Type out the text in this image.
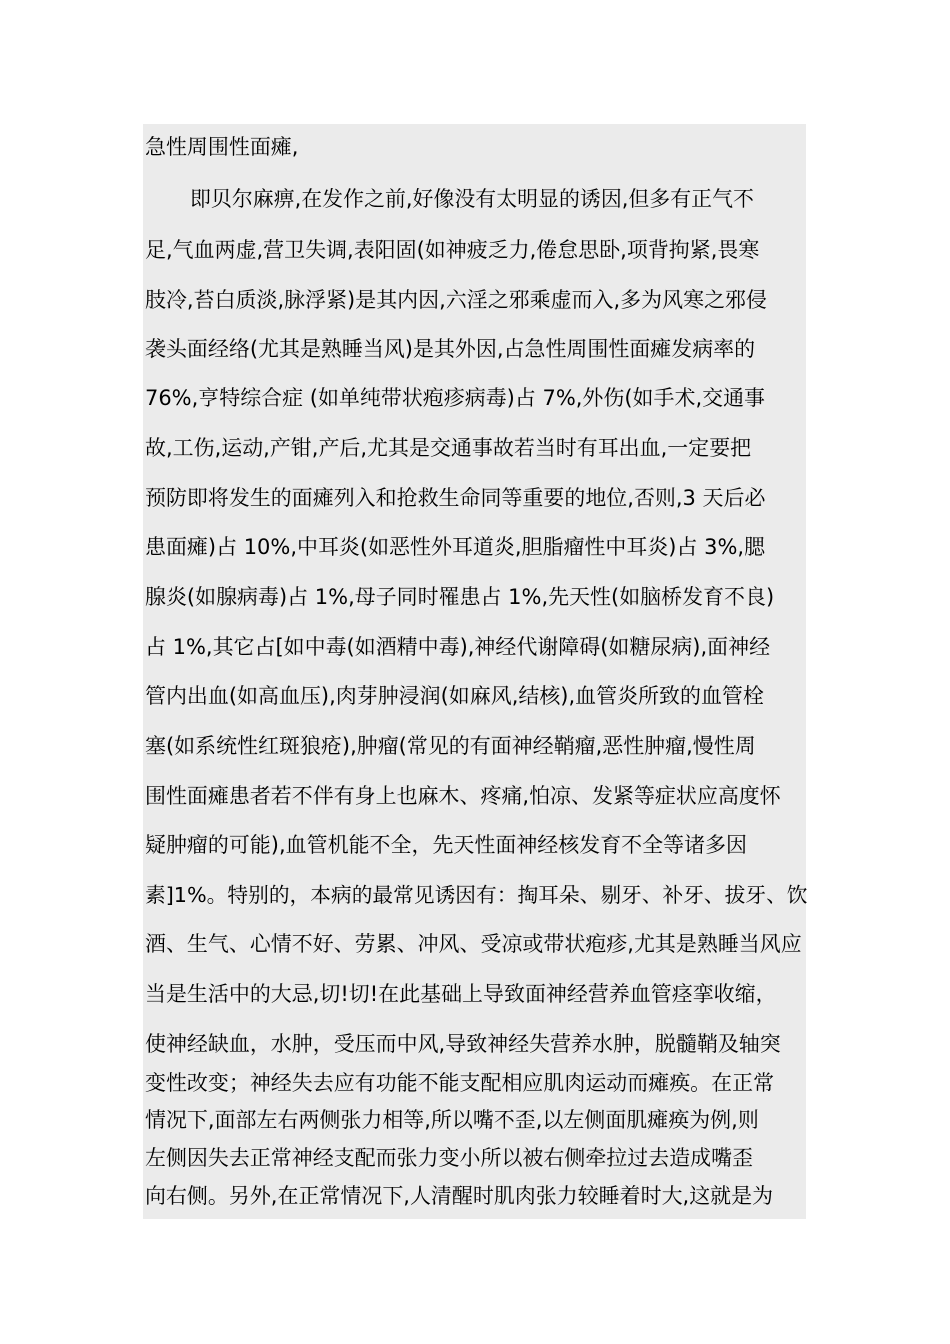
急性周围性面瘫,
即贝尔麻痹,在发作之前,好像没有太明显的诱因,但多有正气不
足,气血两虚,营卫失调,表阳固(如神疲乏力,倦怠思卧,项背拘紧,畏寒
肢冷,苔白质淡,脉浮紧)是其内因,六淫之邪乘虚而入,多为风寒之邪侵
袭头面经络(尤其是熟睡当风)是其外因,占急性周围性面瘫发病率的
76%,亨特综合症 (如单纯带状疱疹病毒)占 7%,外伤(如手术,交通事
故,工伤,运动,产钳,产后,尤其是交通事故若当时有耳出血,一定要把
预防即将发生的面瘫列入和抢救生命同等重要的地位,否则,3 天后必
患面瘫)占 10%,中耳炎(如恶性外耳道炎,胆脂瘤性中耳炎)占 3%,腮
腺炎(如腺病毒)占 1%,母子同时罹患占 1%,先天性(如脑桥发育不良)
占 1%,其它占[如中毒(如酒精中毒),神经代谢障碍(如糖尿病),面神经
管内出血(如高血压),肉芽肿浸润(如麻风,结核),血管炎所致的血管栓
塞(如系统性红斑狼疮),肿瘤(常见的有面神经鞘瘤,恶性肿瘤,慢性周
围性面瘫患者若不伴有身上也麻木、疼痛,怕凉、发紧等症状应高度怀
疑肿瘤的可能),血管机能不全，先天性面神经核发育不全等诸多因
素]1%。特别的，本病的最常见诱因有：掏耳朵、剔牙、补牙、拔牙、饮
酒、生气、心情不好、劳累、冲风、受凉或带状疱疹,尤其是熟睡当风应
当是生活中的大忌,切!切!在此基础上导致面神经营养血管痉挛收缩，
使神经缺血，水肿，受压而中风,导致神经失营养水肿，脱髓鞘及轴突
变性改变；神经失去应有功能不能支配相应肌肉运动而瘫痪。在正常
情况下,面部左右两侧张力相等,所以嘴不歪,以左侧面肌瘫痪为例,则
左侧因失去正常神经支配而张力变小所以被右侧牵拉过去造成嘴歪
向右侧。另外,在正常情况下,人清醒时肌肉张力较睡着时大,这就是为
